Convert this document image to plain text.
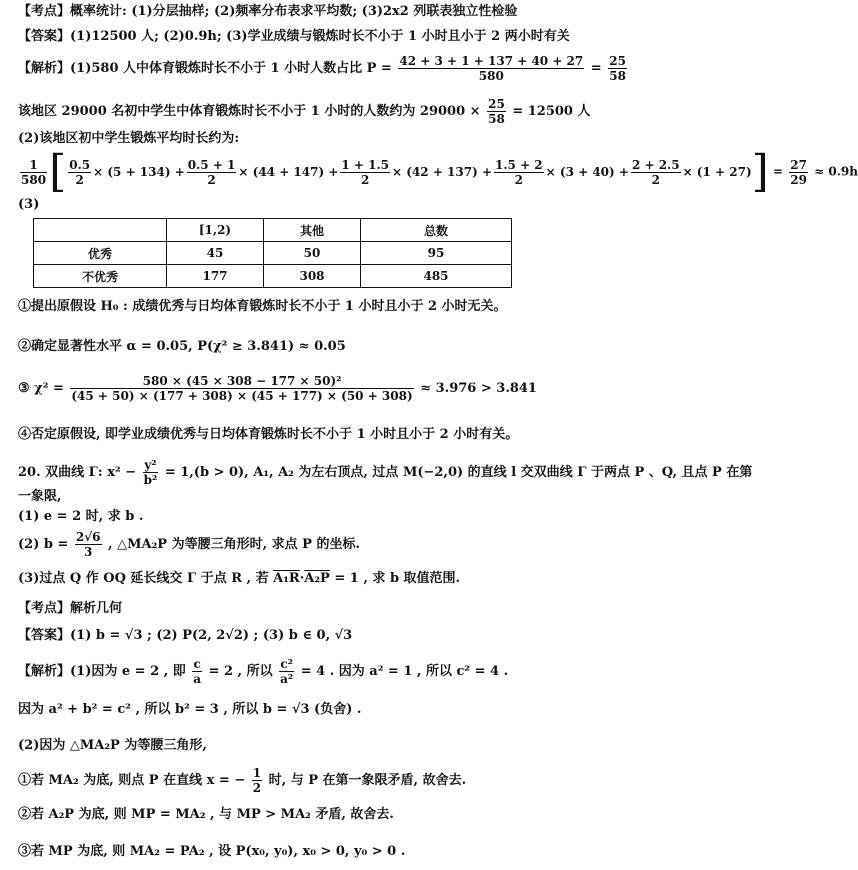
【考点】概率统计: (1)分层抽样; (2)频率分布表求平均数; (3)2x2 列联表独立性检验
【答案】(1)12500 人; (2)0.9h; (3)学业成绩与锻炼时长不小于 1 小时且小于 2 两小时有关
【解析】(1)580 人中体育锻炼时长不小于 1 小时人数占比 $P = \frac{42 + 3 + 1 + 137 + 40 + 27}{580} = \frac{25}{58}$
该地区 29000 名初中学生中体育锻炼时长不小于 1 小时的人数约为 $29000 \times \frac{25}{58} = 12500$ 人
(2)该地区初中学生锻炼平均时长约为:
$\frac{1}{580}$ [ $\frac{0.5}{2} \times (5 + 134) + \frac{0.5 + 1}{2} \times (44 + 147) + \frac{1 + 1.5}{2} \times (42 + 137) + \frac{1.5 + 2}{2} \times (3 + 40) + \frac{2 + 2.5}{2} \times (1 + 27)] = \frac{27}{29} \approx 0.9h$
(3)
	[1,2)	其他	总数
优秀	45	50	95
不优秀	177	308	485
①提出原假设 H₀ : 成绩优秀与日均体育锻炼时长不小于 1 小时且小于 2 小时无关。
②确定显著性水平 α = 0.05, P(χ² ≥ 3.841) ≈ 0.05
③ $\chi^2 = \frac{\text{580 × (45 × 308 − 177 × 50)²}}{(45 + 50) \times (177 + 308) \times (45 + 177) \times (50 + 308)} \approx 3.976 > 3.841$
④否定原假设, 即学业成绩优秀与日均体育锻炼时长不小于 1 小时且小于 2 小时有关。
20. 双曲线 Γ: $x^2 - \frac{\text{y²}}{\text{b²}} = 1,(b > 0)$, A₁, A₂ 为左右顶点, 过点 M(−2,0) 的直线 l 交双曲线 Γ 于两点 P 、Q, 且点 P 在第
一象限,
(1) e = 2 时, 求 b .
(2) $b = \frac{2√6}{3}$ , △MA₂P 为等腰三角形时, 求点 P 的坐标.
(3)过点 Q 作 OQ 延长线交 Γ 于点 R , 若 A₁R·A₂P = 1 , 求 b 取值范围.
【考点】解析几何
【答案】(1) b = √3 ; (2) P(2, 2√2) ; (3) b ∈ 0, √3
【解析】(1)因为 e = 2 , 即 $\frac{c}{a} = 2$ , 所以 $\frac{\text{c²}}{\text{a²}} = 4$ . 因为 a² = 1 , 所以 c² = 4 .
因为 a² + b² = c² , 所以 b² = 3 , 所以 b = √3 (负舍) .
(2)因为 △MA₂P 为等腰三角形,
①若 MA₂ 为底, 则点 P 在直线 x = − $\frac{1}{2}$ 时, 与 P 在第一象限矛盾, 故舍去.
②若 A₂P 为底, 则 MP = MA₂ , 与 MP > MA₂ 矛盾, 故舍去.
③若 MP 为底, 则 MA₂ = PA₂ , 设 P(x₀, y₀), x₀ > 0, y₀ > 0 .
